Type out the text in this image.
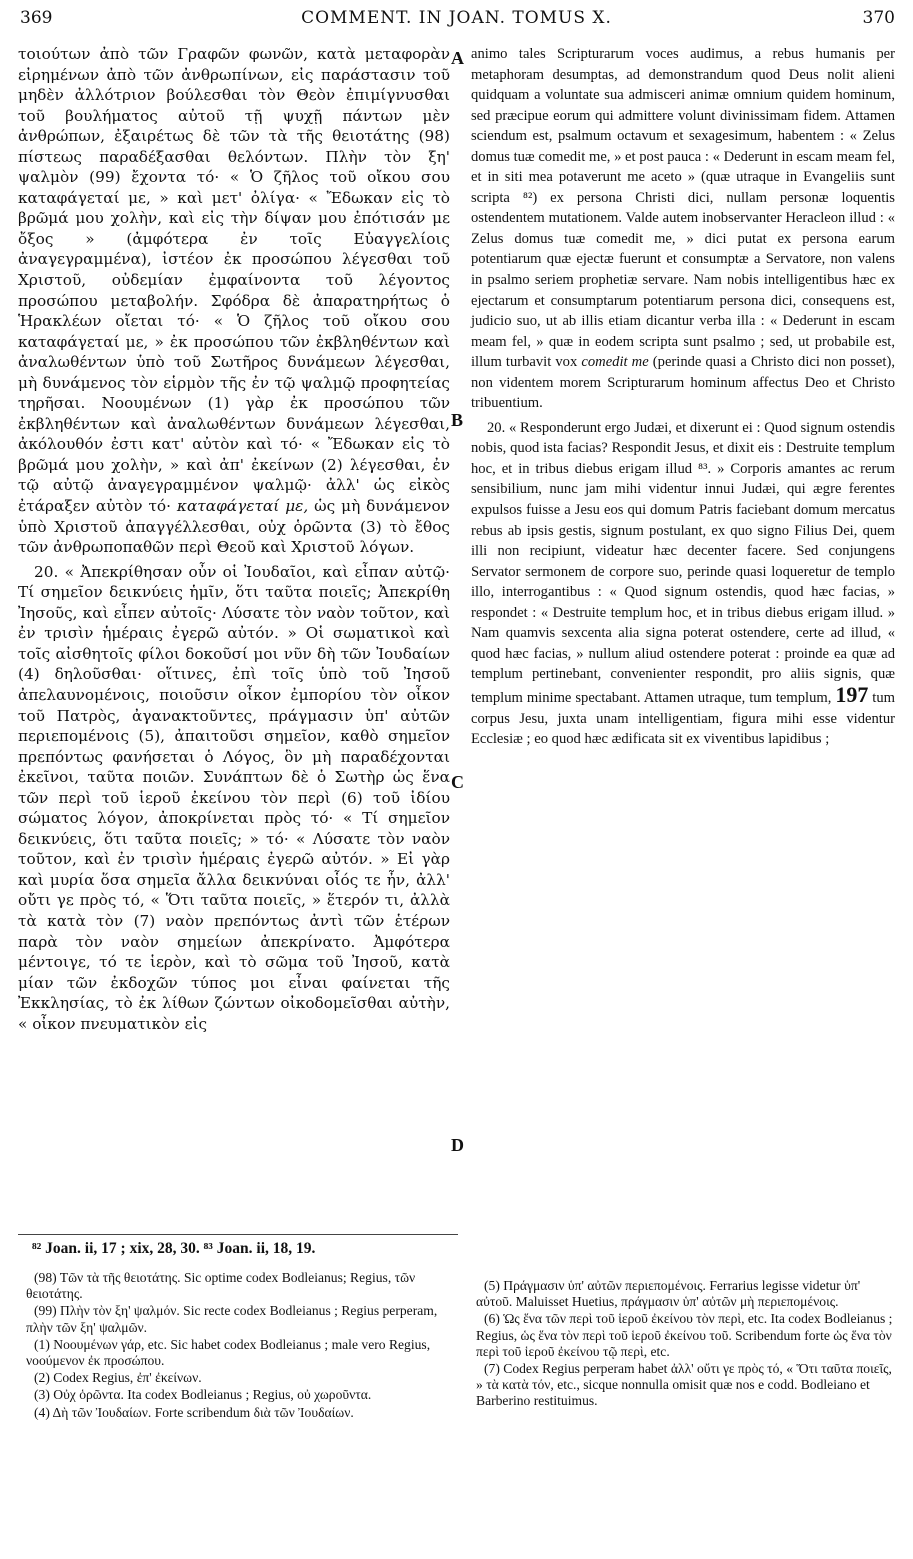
369	COMMENT. IN JOAN. TOMUS X.	370

τοιούτων ἀπὸ τῶν Γραφῶν φωνῶν, κατὰ μεταφορὰν εἰρημένων ἀπὸ τῶν ἀνθρωπίνων, εἰς παράστασιν τοῦ μηδὲν ἀλλότριον βούλεσθαι τὸν Θεὸν ἐπιμίγνυσθαι τοῦ βουλήματος αὐτοῦ τῇ ψυχῇ πάντων μὲν ἀνθρώπων, ἐξαιρέτως δὲ τῶν τὰ τῆς θειοτάτης (98) πίστεως παραδέξασθαι θελόντων. Πλὴν τὸν ξη' ψαλμὸν (99) ἔχοντα τό· « Ὁ ζῆλος τοῦ οἴκου σου καταφάγεταί με, » καὶ μετ' ὀλίγα· « Ἔδωκαν εἰς τὸ βρῶμά μου χολὴν, καὶ εἰς τὴν δίψαν μου ἐπότισάν με ὄξος » (ἀμφότερα ἐν τοῖς Εὐαγγελίοις ἀναγεγραμμένα), ἰστέον ἐκ προσώπου λέγεσθαι τοῦ Χριστοῦ, οὐδεμίαν ἐμφαίνοντα τοῦ λέγοντος προσώπου μεταβολήν. Σφόδρα δὲ ἀπαρατηρήτως ὁ Ἡρακλέων οἴεται τό· « Ὁ ζῆλος τοῦ οἴκου σου καταφάγεταί με, » ἐκ προσώπου τῶν ἐκβληθέντων καὶ ἀναλωθέντων ὑπὸ τοῦ Σωτῆρος δυνάμεων λέγεσθαι, μὴ δυνάμενος τὸν εἱρμὸν τῆς ἐν τῷ ψαλμῷ προφητείας τηρῆσαι. Νοουμένων (1) γὰρ ἐκ προσώπου τῶν ἐκβληθέντων καὶ ἀναλωθέντων δυνάμεων λέγεσθαι, ἀκόλουθόν ἐστι κατ' αὐτὸν καὶ τό· « Ἔδωκαν εἰς τὸ βρῶμά μου χολὴν, » καὶ ἀπ' ἐκείνων (2) λέγεσθαι, ἐν τῷ αὐτῷ ἀναγεγραμμένον ψαλμῷ· ἀλλ' ὡς εἰκὸς ἐτάραξεν αὐτὸν τό· καταφάγεταί με, ὡς μὴ δυνάμενον ὑπὸ Χριστοῦ ἀπαγγέλλεσθαι, οὐχ ὁρῶντα (3) τὸ ἔθος τῶν ἀνθρωποπαθῶν περὶ Θεοῦ καὶ Χριστοῦ λόγων.

20. « Ἀπεκρίθησαν οὖν οἱ Ἰουδαῖοι, καὶ εἶπαν αὐτῷ· Τί σημεῖον δεικνύεις ἡμῖν, ὅτι ταῦτα ποιεῖς; Ἀπεκρίθη Ἰησοῦς, καὶ εἶπεν αὐτοῖς· Λύσατε τὸν ναὸν τοῦτον, καὶ ἐν τρισὶν ἡμέραις ἐγερῶ αὐτόν. » Οἱ σωματικοὶ καὶ τοῖς αἰσθητοῖς φίλοι δοκοῦσί μοι νῦν δὴ τῶν Ἰουδαίων (4) δηλοῦσθαι· οἵτινες, ἐπὶ τοῖς ὑπὸ τοῦ Ἰησοῦ ἀπελαυνομένοις, ποιοῦσιν οἶκον ἐμπορίου τὸν οἶκον τοῦ Πατρὸς, ἀγανακτοῦντες, πράγμασιν ὑπ' αὐτῶν περιεπομένοις (5), ἀπαιτοῦσι σημεῖον, καθὸ σημεῖον πρεπόντως φανήσεται ὁ Λόγος, ὃν μὴ παραδέχονται ἐκεῖνοι, ταῦτα ποιῶν. Συνάπτων δὲ ὁ Σωτὴρ ὡς ἕνα τῶν περὶ τοῦ ἱεροῦ ἐκείνου τὸν περὶ (6) τοῦ ἰδίου σώματος λόγον, ἀποκρίνεται πρὸς τό· « Τί σημεῖον δεικνύεις, ὅτι ταῦτα ποιεῖς; » τό· « Λύσατε τὸν ναὸν τοῦτον, καὶ ἐν τρισὶν ἡμέραις ἐγερῶ αὐτόν. » Εἰ γὰρ καὶ μυρία ὅσα σημεῖα ἄλλα δεικνύναι οἷός τε ἦν, ἀλλ' οὔτι γε πρὸς τό, « Ὅτι ταῦτα ποιεῖς, » ἕτερόν τι, ἀλλὰ τὰ κατὰ τὸν (7) ναὸν πρεπόντως ἀντὶ τῶν ἑτέρων παρὰ τὸν ναὸν σημείων ἀπεκρίνατο. Ἀμφότερα μέντοιγε, τό τε ἱερὸν, καὶ τὸ σῶμα τοῦ Ἰησοῦ, κατὰ μίαν τῶν ἐκδοχῶν τύπος μοι εἶναι φαίνεται τῆς Ἐκκλησίας, τὸ ἐκ λίθων ζώντων οἰκοδομεῖσθαι αὐτὴν, « οἶκον πνευματικὸν εἰς

A
B
C
D

animo tales Scripturarum voces audimus, a rebus humanis per metaphoram desumptas, ad demonstrandum quod Deus nolit alieni quidquam a voluntate sua admisceri animæ omnium quidem hominum, sed præcipue eorum qui admittere volunt divinissimam fidem. Attamen sciendum est, psalmum octavum et sexagesimum, habentem : « Zelus domus tuæ comedit me, » et post pauca : « Dederunt in escam meam fel, et in siti mea potaverunt me aceto » (quæ utraque in Evangeliis sunt scripta ⁸²) ex persona Christi dici, nullam personæ loquentis ostendentem mutationem. Valde autem inobservanter Heracleon illud : « Zelus domus tuæ comedit me, » dici putat ex persona earum potentiarum quæ ejectæ fuerunt et consumptæ a Servatore, non valens in psalmo seriem prophetiæ servare. Nam nobis intelligentibus hæc ex ejectarum et consumptarum potentiarum persona dici, consequens est, judicio suo, ut ab illis etiam dicantur verba illa : « Dederunt in escam meam fel, » quæ in eodem scripta sunt psalmo ; sed, ut probabile est, illum turbavit vox comedit me (perinde quasi a Christo dici non posset), non videntem morem Scripturarum hominum affectus Deo et Christo tribuentium.

20. « Responderunt ergo Judæi, et dixerunt ei : Quod signum ostendis nobis, quod ista facias? Respondit Jesus, et dixit eis : Destruite templum hoc, et in tribus diebus erigam illud ⁸³. » Corporis amantes ac rerum sensibilium, nunc jam mihi videntur innui Judæi, qui ægre ferentes expulsos fuisse a Jesu eos qui domum Patris faciebant domum mercatus rebus ab ipsis gestis, signum postulant, ex quo signo Filius Dei, quem illi non recipiunt, videatur hæc decenter facere. Sed conjungens Servator sermonem de corpore suo, perinde quasi loqueretur de templo illo, interrogantibus : « Quod signum ostendis, quod hæc facias, » respondet : « Destruite templum hoc, et in tribus diebus erigam illud. » Nam quamvis sexcenta alia signa poterat ostendere, certe ad illud, « quod hæc facias, » nullum aliud ostendere poterat : proinde ea quæ ad templum pertinebant, convenienter respondit, pro aliis signis, quæ templum minime spectabant. Attamen utraque, tum templum, 197 tum corpus Jesu, juxta unam intelligentiam, figura mihi esse videntur Ecclesiæ ; eo quod hæc ædificata sit ex viventibus lapidibus ;

⁸² Joan. ii, 17 ; xix, 28, 30. ⁸³ Joan. ii, 18, 19.

(98) Τῶν τὰ τῆς θειοτάτης. Sic optime codex Bodleianus; Regius, τῶν θειοτάτης.

(99) Πλὴν τὸν ξη' ψαλμόν. Sic recte codex Bodleianus ; Regius perperam, πλὴν τῶν ξη' ψαλμῶν.

(1) Νοουμένων γάρ, etc. Sic habet codex Bodleianus ; male vero Regius, νοούμενον ἐκ προσώπου.

(2) Codex Regius, ἐπ' ἐκείνων.

(3) Οὐχ ὁρῶντα. Ita codex Bodleianus ; Regius, οὐ χωροῦντα.

(4) Δὴ τῶν Ἰουδαίων. Forte scribendum διὰ τῶν Ἰουδαίων.

(5) Πράγμασιν ὑπ' αὐτῶν περιεπομένοις. Ferrarius legisse videtur ὑπ' αὐτοῦ. Maluisset Huetius, πράγμασιν ὑπ' αὐτῶν μὴ περιεπομένοις.

(6) Ὡς ἕνα τῶν περὶ τοῦ ἱεροῦ ἐκείνου τὸν περὶ, etc. Ita codex Bodleianus ; Regius, ὡς ἕνα τὸν περὶ τοῦ ἱεροῦ ἐκείνου τοῦ. Scribendum forte ὡς ἕνα τὸν περὶ τοῦ ἱεροῦ ἐκείνου τῷ περὶ, etc.

(7) Codex Regius perperam habet ἀλλ' οὔτι γε πρὸς τό, « Ὅτι ταῦτα ποιεῖς, » τὰ κατὰ τόν, etc., sicque nonnulla omisit quæ nos e codd. Bodleiano et Barberino restituimus.
